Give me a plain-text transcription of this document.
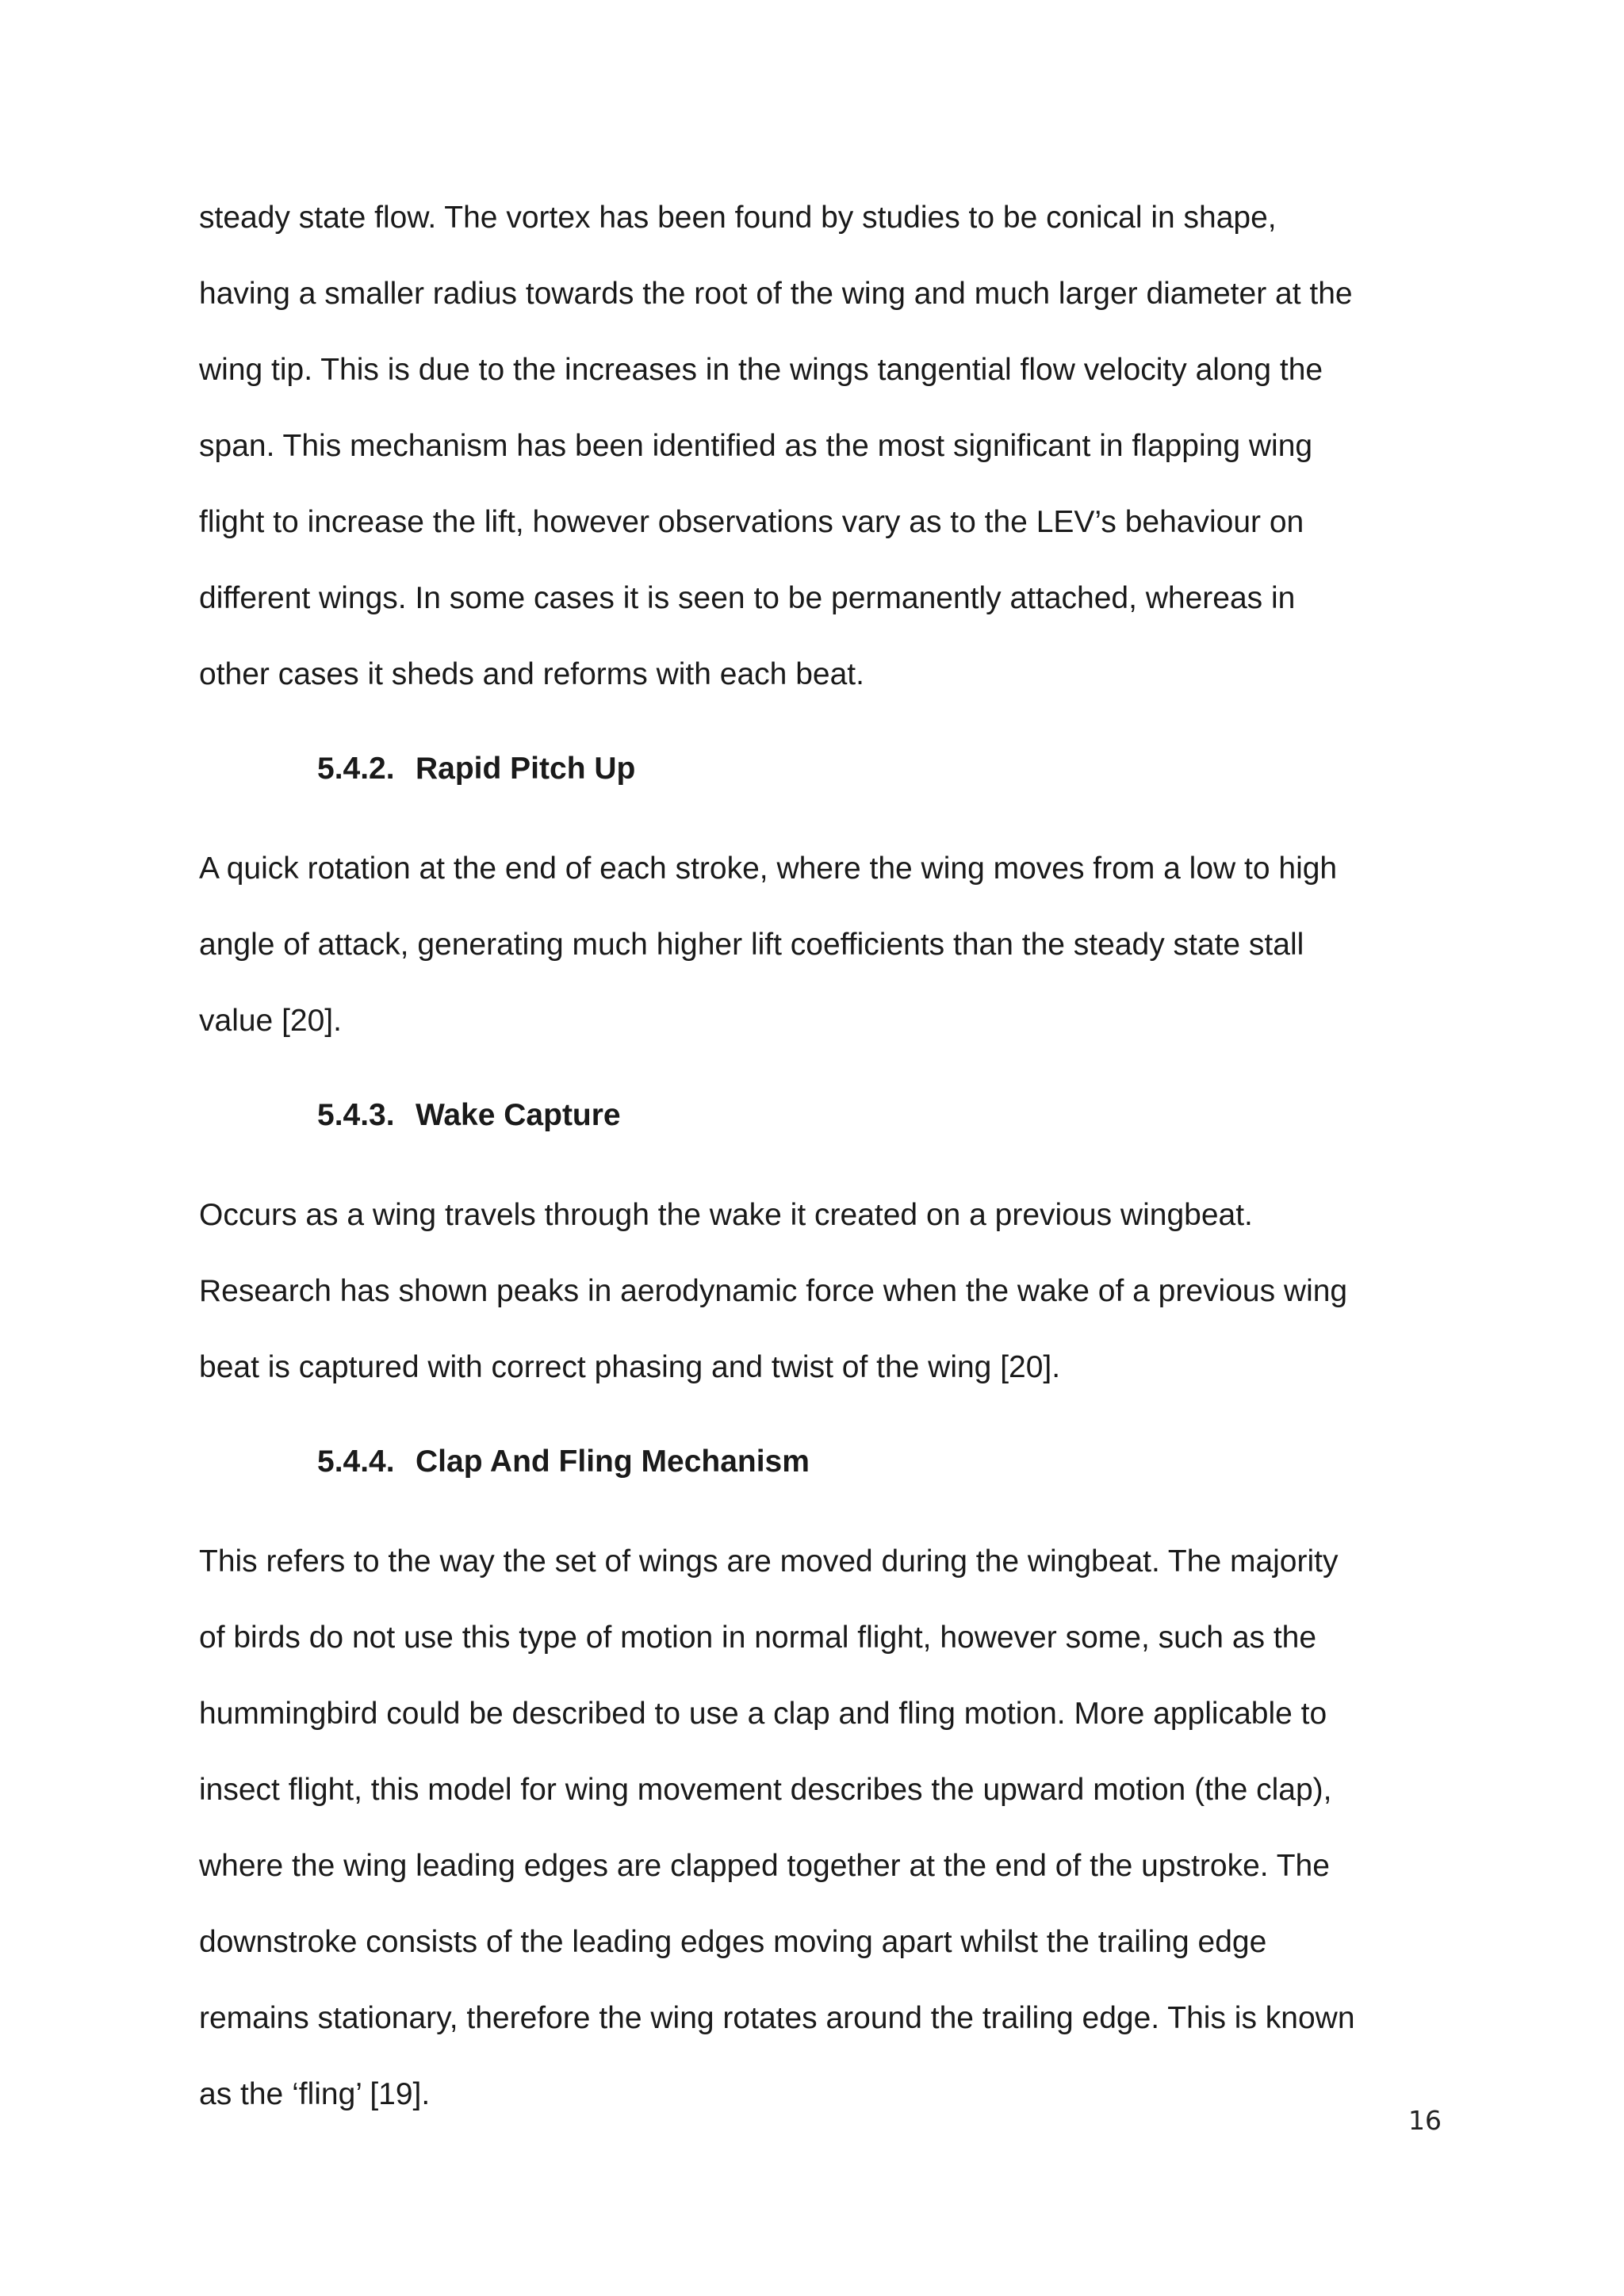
steady state flow. The vortex has been found by studies to be conical in shape,
having a smaller radius towards the root of the wing and much larger diameter at the
wing tip. This is due to the increases in the wings tangential flow velocity along the
span. This mechanism has been identified as the most significant in flapping wing
flight to increase the lift, however observations vary as to the LEV’s behaviour on
different wings. In some cases it is seen to be permanently attached, whereas in
other cases it sheds and reforms with each beat.
5.4.2. Rapid Pitch Up
A quick rotation at the end of each stroke, where the wing moves from a low to high
angle of attack, generating much higher lift coefficients than the steady state stall
value [20].
5.4.3. Wake Capture
Occurs as a wing travels through the wake it created on a previous wingbeat.
Research has shown peaks in aerodynamic force when the wake of a previous wing
beat is captured with correct phasing and twist of the wing [20].
5.4.4. Clap And Fling Mechanism
This refers to the way the set of wings are moved during the wingbeat. The majority
of birds do not use this type of motion in normal flight, however some, such as the
hummingbird could be described to use a clap and fling motion. More applicable to
insect flight, this model for wing movement describes the upward motion (the clap),
where the wing leading edges are clapped together at the end of the upstroke. The
downstroke consists of the leading edges moving apart whilst the trailing edge
remains stationary, therefore the wing rotates around the trailing edge. This is known
as the ‘fling’ [19].
16
